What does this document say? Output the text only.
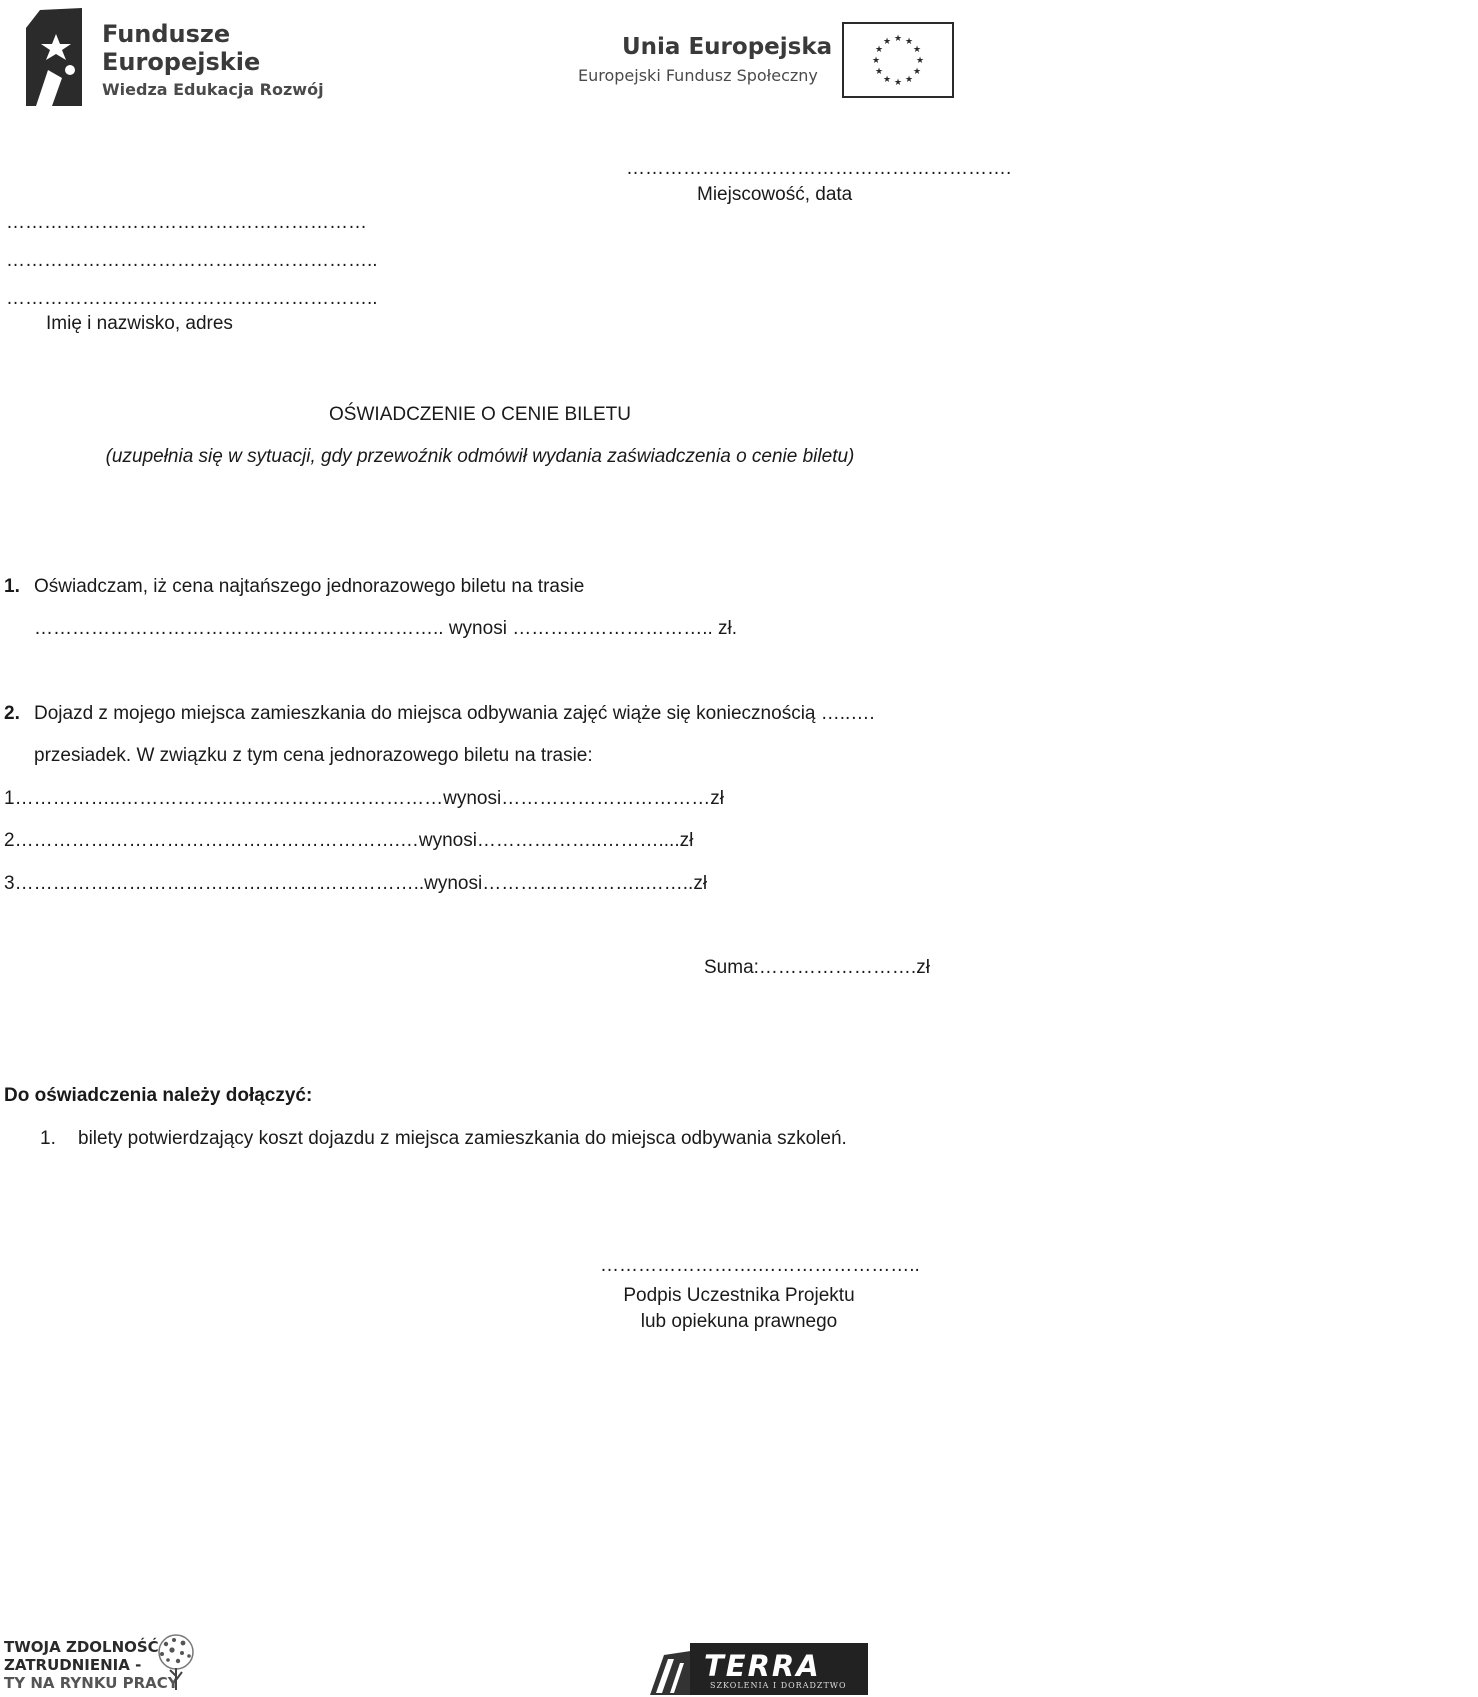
Fundusze
Europejskie
Wiedza Edukacja Rozwój
Unia Europejska
Europejski Fundusz Społeczny
★ ★
★
★
★
★
★
★
★
★
★
★
…………………………………………………….
Miejscowość, data
…………………………………………………
…………………………………………………..
…………………………………………………..
Imię i nazwisko, adres
OŚWIADCZENIE O CENIE BILETU
(uzupełnia się w sytuacji, gdy przewoźnik odmówił wydania zaświadczenia o cenie biletu)
1. Oświadczam, iż cena najtańszego jednorazowego biletu na trasie
……………………………………………………….. wynosi ………………………….. zł.
2. Dojazd z mojego miejsca zamieszkania do miejsca odbywania zajęć wiąże się koniecznością …..….
przesiadek. W związku z tym cena jednorazowego biletu na trasie:
1……………..……………………………………………wynosi……………………………zł
2…………………………………………………….…wynosi………………..………....zł
3………………………………………………………..wynosi……………………..……..zł
Suma:…………………….zł
Do oświadczenia należy dołączyć:
1. bilety potwierdzający koszt dojazdu z miejsca zamieszkania do miejsca odbywania szkoleń.
…………………….……………………..
Podpis Uczestnika Projektu
lub opiekuna prawnego
TWOJA ZDOLNOŚĆ
ZATRUDNIENIA -
TY NA RYNKU PRACY	TERRA
SZKOLENIA I DORADZTWO
